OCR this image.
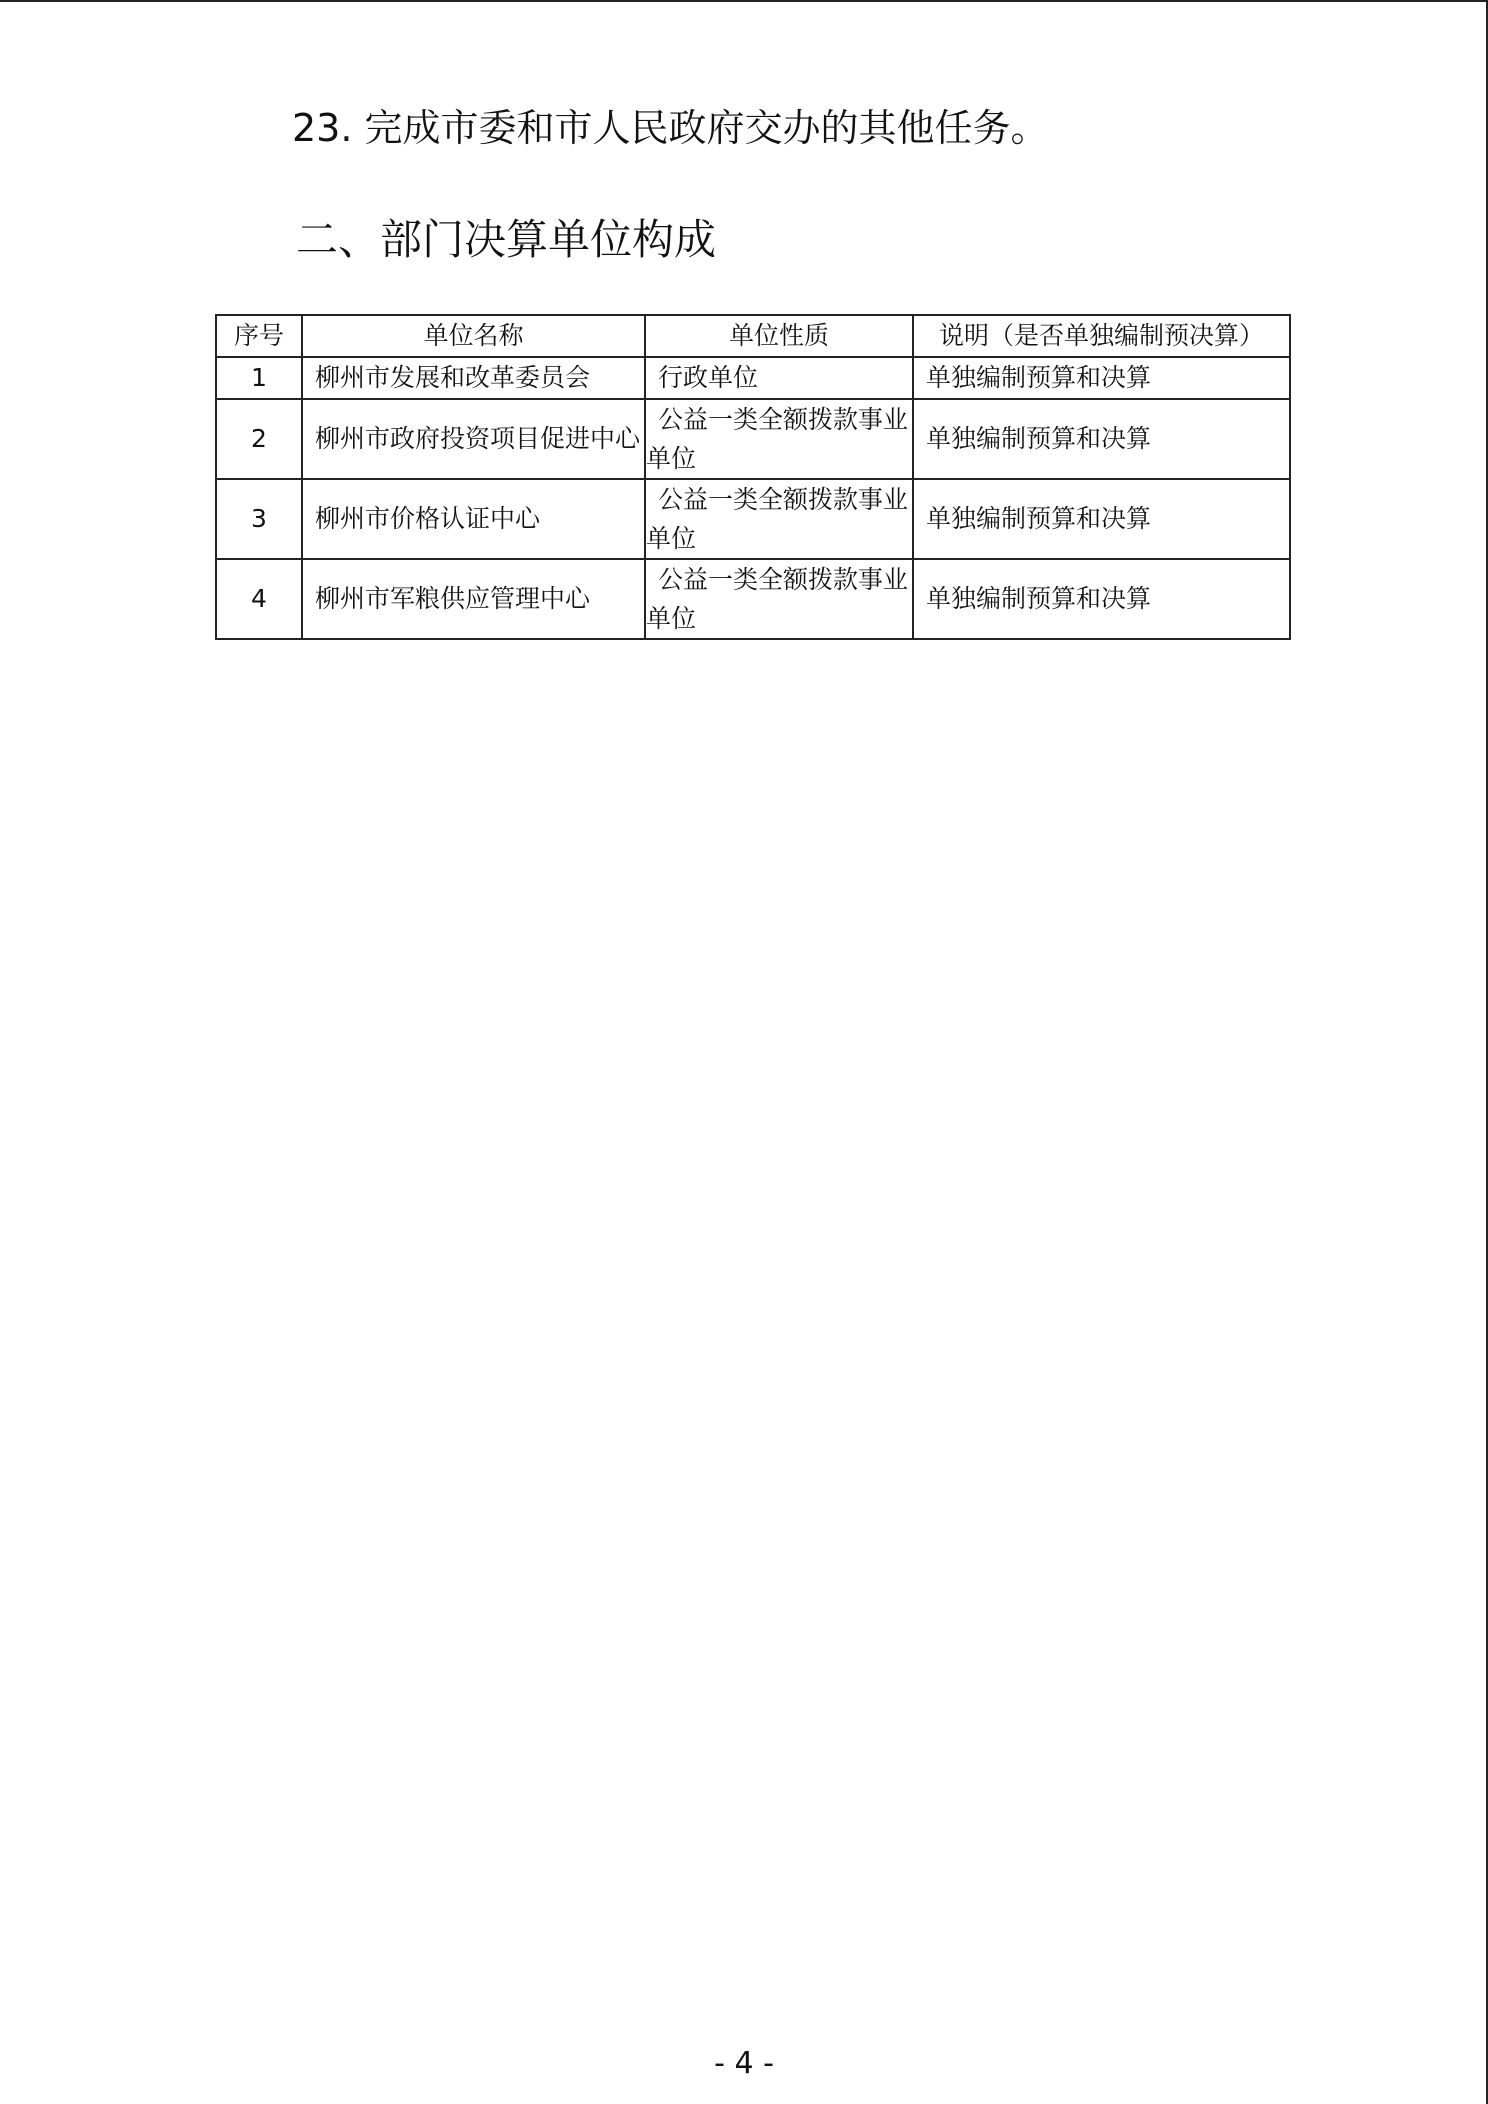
23. 完成市委和市人民政府交办的其他任务。
二、部门决算单位构成
序号	单位名称	单位性质	说明（是否单独编制预决算）
1	柳州市发展和改革委员会	行政单位	单独编制预算和决算
2	柳州市政府投资项目促进中心	公益一类全额拨款事业单位	单独编制预算和决算
3	柳州市价格认证中心	公益一类全额拨款事业单位	单独编制预算和决算
4	柳州市军粮供应管理中心	公益一类全额拨款事业单位	单独编制预算和决算
- 4 -
